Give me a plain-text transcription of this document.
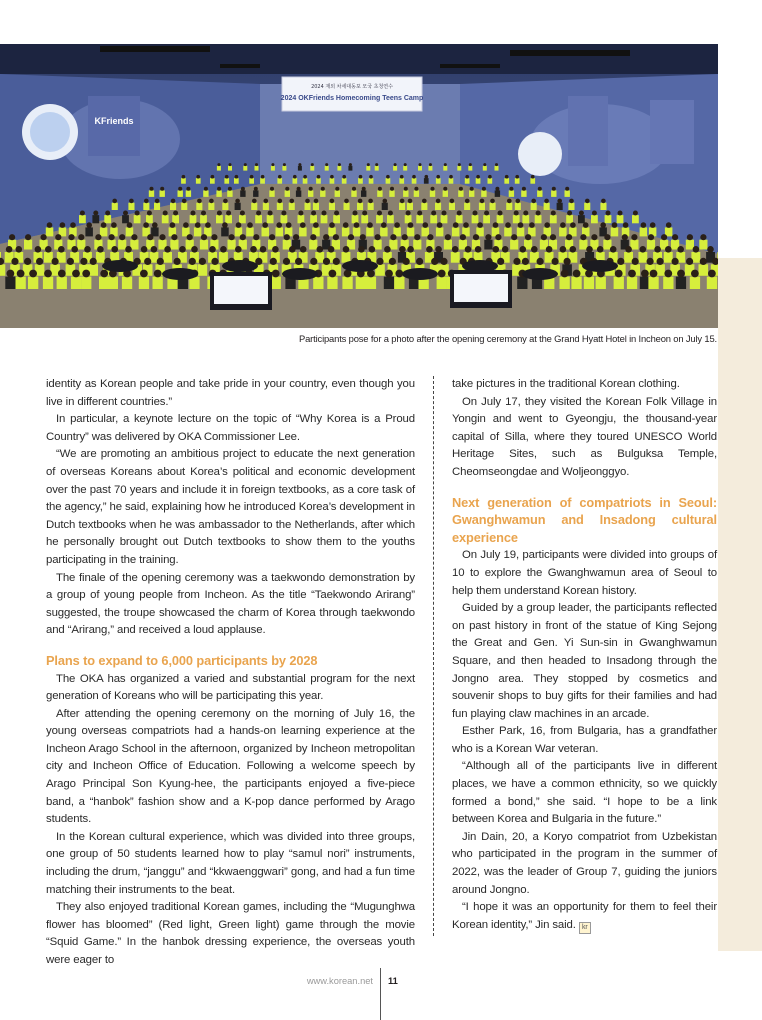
2024 재외 차세대동포 모국 초청연수
2024 OKFriends Homecoming Teens Camp
KFriends
Participants pose for a photo after the opening ceremony at the Grand Hyatt Hotel in Incheon on July 15.

identity as Korean people and take pride in your country, even though you live in different countries.”

In particular, a keynote lecture on the topic of “Why Korea is a Proud Country” was delivered by OKA Commissioner Lee.

“We are promoting an ambitious project to educate the next generation of overseas Koreans about Korea’s political and economic development over the past 70 years and include it in foreign textbooks, as a core task of the agency,” he said, explaining how he introduced Korea’s development in Dutch textbooks when he was ambassador to the Netherlands, after which he personally brought out Dutch textbooks to show them to the youths participating in the training.

The finale of the opening ceremony was a taekwondo demonstration by a group of young people from Incheon. As the title “Taekwondo Arirang” suggested, the troupe showcased the charm of Korea through taekwondo and “Arirang,” and received a loud applause.

Plans to expand to 6,000 participants by 2028

The OKA has organized a varied and substantial program for the next generation of Koreans who will be participating this year.

After attending the opening ceremony on the morning of July 16, the young overseas compatriots had a hands-on learning experience at the Incheon Arago School in the afternoon, organized by Incheon metropolitan city and Incheon Office of Education. Following a welcome speech by Arago Principal Son Kyung-hee, the participants enjoyed a five-piece band, a “hanbok” fashion show and a K-pop dance performed by Arago students.

In the Korean cultural experience, which was divided into three groups, one group of 50 students learned how to play “samul nori” instruments, including the drum, “janggu” and “kkwaenggwari” gong, and had a fun time matching their instruments to the beat.

They also enjoyed traditional Korean games, including the “Mugunghwa flower has bloomed” (Red light, Green light) game through the movie “Squid Game.” In the hanbok dressing experience, the overseas youth were eager to

take pictures in the traditional Korean clothing.

On July 17, they visited the Korean Folk Village in Yongin and went to Gyeongju, the thousand-year capital of Silla, where they toured UNESCO World Heritage Sites, such as Bulguksa Temple, Cheomseongdae and Woljeonggyo.

Next generation of compatriots in Seoul: Gwanghwamun and Insadong cultural experience

On July 19, participants were divided into groups of 10 to explore the Gwanghwamun area of Seoul to help them understand Korean history.

Guided by a group leader, the participants reflected on past history in front of the statue of King Sejong the Great and Gen. Yi Sun-sin in Gwanghwamun Square, and then headed to Insadong through the Jongno area. They stopped by cosmetics and souvenir shops to buy gifts for their families and had fun playing claw machines in an arcade.

Esther Park, 16, from Bulgaria, has a grandfather who is a Korean War veteran.

“Although all of the participants live in different places, we have a common ethnicity, so we quickly formed a bond,” she said. “I hope to be a link between Korea and Bulgaria in the future.”

Jin Dain, 20, a Koryo compatriot from Uzbekistan who participated in the program in the summer of 2022, was the leader of Group 7, guiding the juniors around Jongno.

“I hope it was an opportunity for them to feel their Korean identity,” Jin said. kr

www.korean.net 11
